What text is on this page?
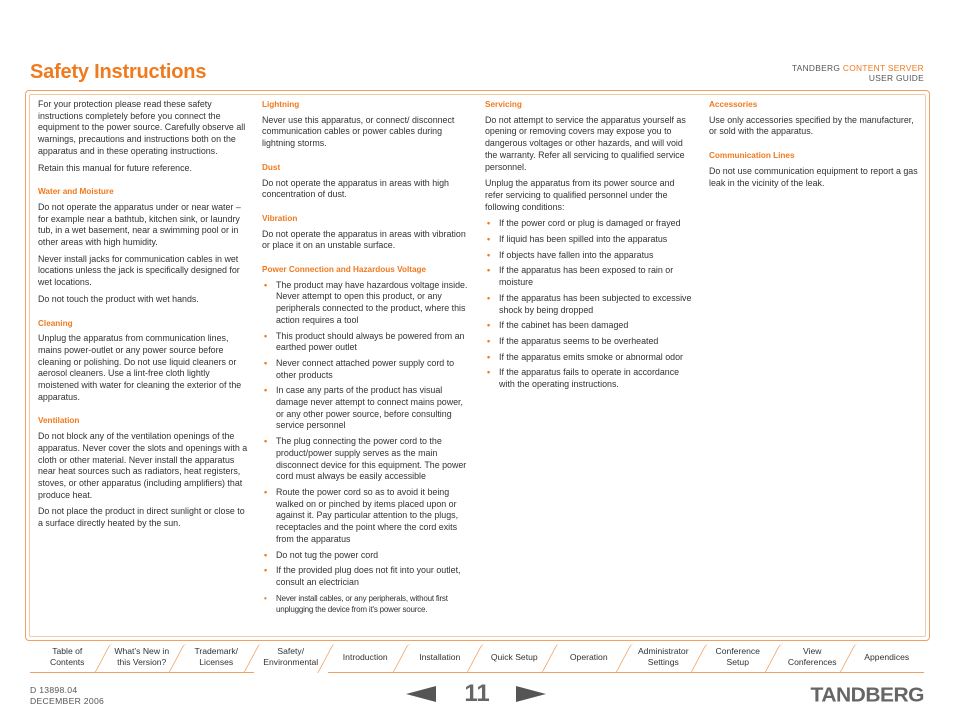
Safety Instructions	TANDBERG CONTENT SERVER
USER GUIDE

For your protection please read these safety instructions completely before you connect the equipment to the power source. Carefully observe all warnings, precautions and instructions both on the apparatus and in these operating instructions.

Retain this manual for future reference.

Water and Moisture

Do not operate the apparatus under or near water – for example near a bathtub, kitchen sink, or laundry tub, in a wet basement, near a swimming pool or in other areas with high humidity.

Never install jacks for communication cables in wet locations unless the jack is specifically designed for wet locations.

Do not touch the product with wet hands.

Cleaning

Unplug the apparatus from communication lines, mains power-outlet or any power source before cleaning or polishing. Do not use liquid cleaners or aerosol cleaners. Use a lint-free cloth lightly moistened with water for cleaning the exterior of the apparatus.

Ventilation

Do not block any of the ventilation openings of the apparatus. Never cover the slots and openings with a cloth or other material. Never install the apparatus near heat sources such as radiators, heat registers, stoves, or other apparatus (including amplifiers) that produce heat.

Do not place the product in direct sunlight or close to a surface directly heated by the sun.

Lightning

Never use this apparatus, or connect/ disconnect communication cables or power cables during lightning storms.

Dust

Do not operate the apparatus in areas with high concentration of dust.

Vibration

Do not operate the apparatus in areas with vibration or place it on an unstable surface.

Power Connection and Hazardous Voltage
• The product may have hazardous voltage inside. Never attempt to open this product, or any peripherals connected to the product, where this action requires a tool
• This product should always be powered from an earthed power outlet
• Never connect attached power supply cord to other products
• In case any parts of the product has visual damage never attempt to connect mains power, or any other power source, before consulting service personnel
• The plug connecting the power cord to the product/power supply serves as the main disconnect device for this equipment. The power cord must always be easily accessible
• Route the power cord so as to avoid it being walked on or pinched by items placed upon or against it. Pay particular attention to the plugs, receptacles and the point where the cord exits from the apparatus
• Do not tug the power cord
• If the provided plug does not fit into your outlet, consult an electrician
• Never install cables, or any peripherals, without first unplugging the device from it's power source.
Servicing

Do not attempt to service the apparatus yourself as opening or removing covers may expose you to dangerous voltages or other hazards, and will void the warranty. Refer all servicing to qualified service personnel.

Unplug the apparatus from its power source and refer servicing to qualified personnel under the following conditions:

• If the power cord or plug is damaged or frayed
• If liquid has been spilled into the apparatus
• If objects have fallen into the apparatus
• If the apparatus has been exposed to rain or moisture
• If the apparatus has been subjected to excessive shock by being dropped
• If the cabinet has been damaged
• If the apparatus seems to be overheated
• If the apparatus emits smoke or abnormal odor
• If the apparatus fails to operate in accordance with the operating instructions.
Accessories

Use only accessories specified by the manufacturer, or sold with the apparatus.

Communication Lines

Do not use communication equipment to report a gas leak in the vicinity of the leak.

Table of
Contents
What’s New in
this Version?
Trademark/
Licenses
Safety/
Environmental
Introduction	Installation	Quick Setup	Operation
Administrator
Settings
Conference
Setup
View
Conferences
Appendices
D 13898.04
DECEMBER 2006	11	TANDBERG
